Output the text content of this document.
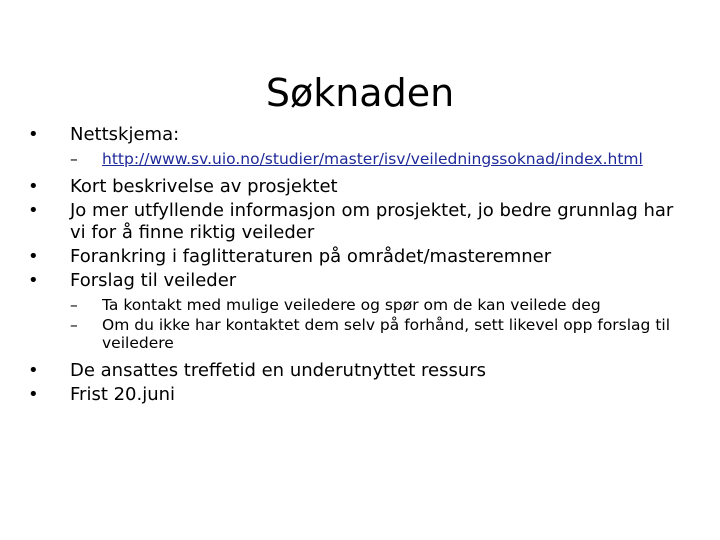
Søknaden
•	Nettskjema:
–	http://www.sv.uio.no/studier/master/isv/veiledningssoknad/index.html
•	Kort beskrivelse av prosjektet
•	Jo mer utfyllende informasjon om prosjektet, jo bedre grunnlag har vi for å finne riktig veileder
•	Forankring i faglitteraturen på området/masteremner
•	Forslag til veileder
–	Ta kontakt med mulige veiledere og spør om de kan veilede deg
–	Om du ikke har kontaktet dem selv på forhånd, sett likevel opp forslag til veiledere
•	De ansattes treffetid en underutnyttet ressurs
•	Frist 20.juni
